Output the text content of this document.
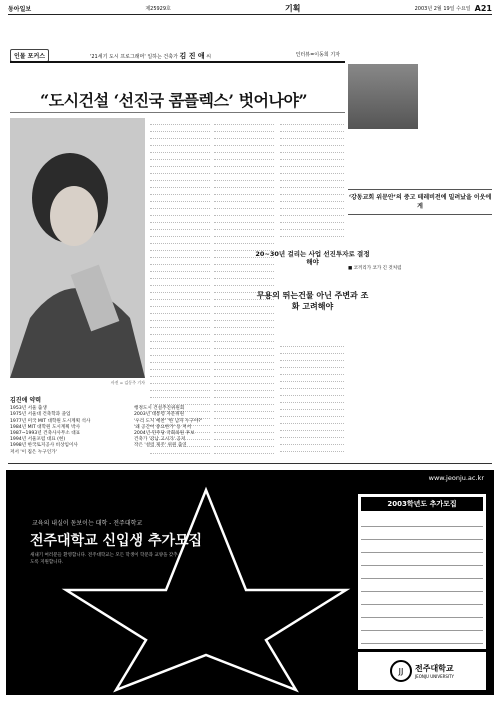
동아일보	제25929호	기획	2003년 2월 19일 수요일 A21
인물 포커스	'21세기 도시 프로그래머' 일하는 건축가 김 진 애 씨	인터뷰=이동희 기자
“도시건설 ‘선진국 콤플렉스’ 벗어나야”
사진 = 김동주 기자
20~30년 걸리는 사업 선진투자로 결정해야
무용의 뛰는건물 아닌 주변과 조화 고려해야
김진애 약력
1953년 서울 출생
1975년 서울대 건축학과 졸업
1977년 미국 MIT 대학원 도시계획 석사
1984년 MIT 대학원 도시계획 박사
1987~1993년 건축사사무소 대표
1994년 서울포럼 대표 (현)
1998년 한국토지공사 비상임이사
저서 '이 집은 누구인가'
행정도시 건설추진위원회
2003년 대통령 자문위원
'우리 도시 예찬' '한 남자 누구야?'
'왜 공간이 중요한가' 등 저서
2004년 민주당 국회의원 후보
건축가 '강남 고시가' 공저
작은 '설렁 제주' 위원 출연
‘강동교회 위문안’의 중고 테레비전에 밀려났을 이웃에게
■ 코끼리가 코가 긴 것처럼
www.jeonju.ac.kr
교육의 내실이 돋보이는 대학 - 전주대학교
전주대학교 신입생 추가모집
새내기 여러분들 환영합니다. 전주대학교는 모든 학생이 학문과 교양을 갖추도록 지원합니다.
2003학년도 추가모집
JJ	전주대학교
JEONJU UNIVERSITY
